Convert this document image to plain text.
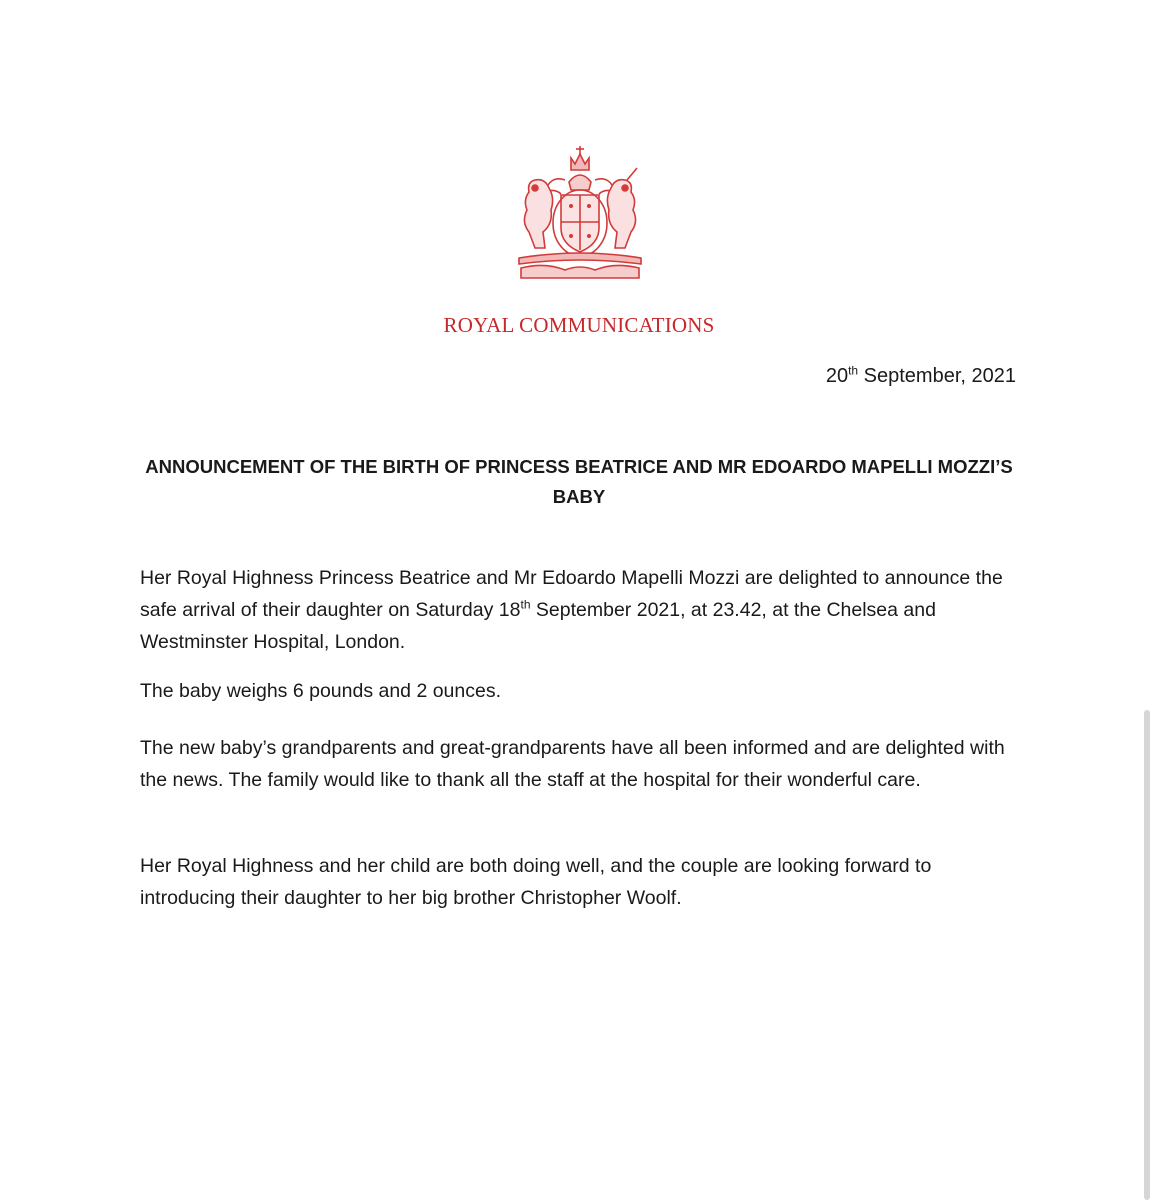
ROYAL COMMUNICATIONS
20th September, 2021
ANNOUNCEMENT OF THE BIRTH OF PRINCESS BEATRICE AND MR EDOARDO MAPELLI MOZZI’S BABY
Her Royal Highness Princess Beatrice and Mr Edoardo Mapelli Mozzi are delighted to announce the safe arrival of their daughter on Saturday 18th September 2021, at 23.42, at the Chelsea and Westminster Hospital, London.
The baby weighs 6 pounds and 2 ounces.
The new baby’s grandparents and great-grandparents have all been informed and are delighted with the news. The family would like to thank all the staff at the hospital for their wonderful care.
Her Royal Highness and her child are both doing well, and the couple are looking forward to introducing their daughter to her big brother Christopher Woolf.
